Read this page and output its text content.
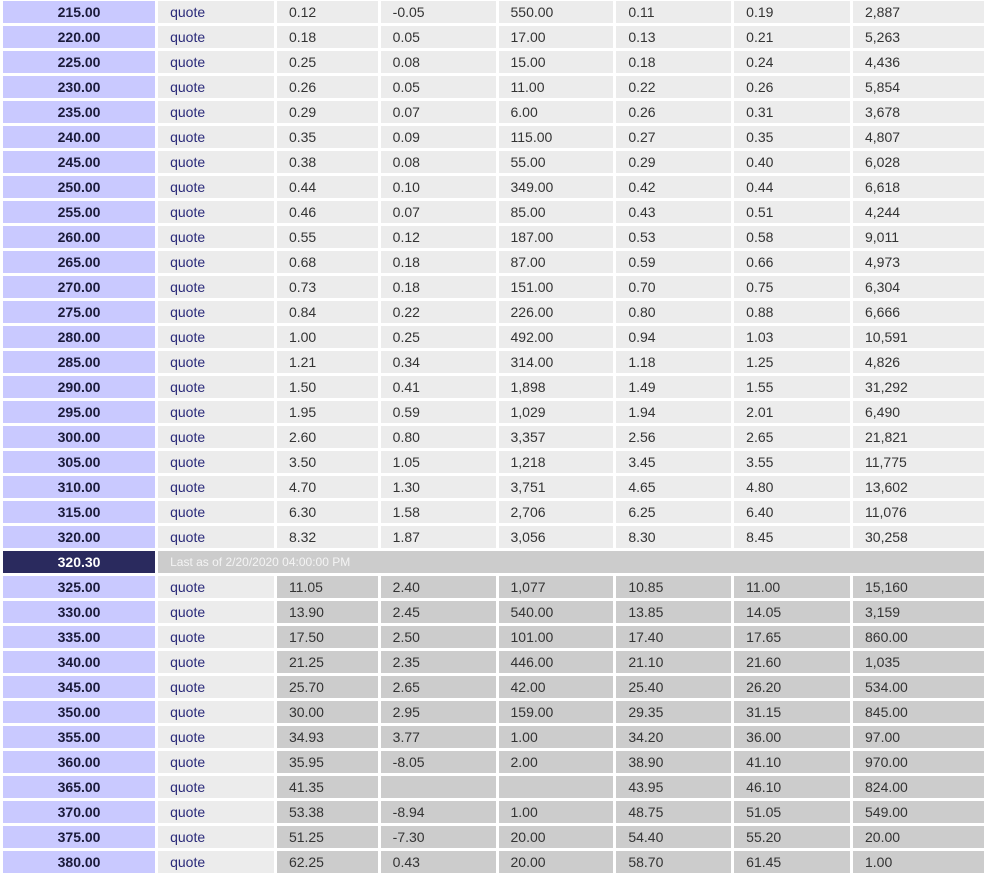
215.00	quote	0.12	-0.05	550.00	0.11	0.19	2,887
220.00	quote	0.18	0.05	17.00	0.13	0.21	5,263
225.00	quote	0.25	0.08	15.00	0.18	0.24	4,436
230.00	quote	0.26	0.05	11.00	0.22	0.26	5,854
235.00	quote	0.29	0.07	6.00	0.26	0.31	3,678
240.00	quote	0.35	0.09	115.00	0.27	0.35	4,807
245.00	quote	0.38	0.08	55.00	0.29	0.40	6,028
250.00	quote	0.44	0.10	349.00	0.42	0.44	6,618
255.00	quote	0.46	0.07	85.00	0.43	0.51	4,244
260.00	quote	0.55	0.12	187.00	0.53	0.58	9,011
265.00	quote	0.68	0.18	87.00	0.59	0.66	4,973
270.00	quote	0.73	0.18	151.00	0.70	0.75	6,304
275.00	quote	0.84	0.22	226.00	0.80	0.88	6,666
280.00	quote	1.00	0.25	492.00	0.94	1.03	10,591
285.00	quote	1.21	0.34	314.00	1.18	1.25	4,826
290.00	quote	1.50	0.41	1,898	1.49	1.55	31,292
295.00	quote	1.95	0.59	1,029	1.94	2.01	6,490
300.00	quote	2.60	0.80	3,357	2.56	2.65	21,821
305.00	quote	3.50	1.05	1,218	3.45	3.55	11,775
310.00	quote	4.70	1.30	3,751	4.65	4.80	13,602
315.00	quote	6.30	1.58	2,706	6.25	6.40	11,076
320.00	quote	8.32	1.87	3,056	8.30	8.45	30,258
320.30	Last as of 2/20/2020 04:00:00 PM						
325.00	quote	11.05	2.40	1,077	10.85	11.00	15,160
330.00	quote	13.90	2.45	540.00	13.85	14.05	3,159
335.00	quote	17.50	2.50	101.00	17.40	17.65	860.00
340.00	quote	21.25	2.35	446.00	21.10	21.60	1,035
345.00	quote	25.70	2.65	42.00	25.40	26.20	534.00
350.00	quote	30.00	2.95	159.00	29.35	31.15	845.00
355.00	quote	34.93	3.77	1.00	34.20	36.00	97.00
360.00	quote	35.95	-8.05	2.00	38.90	41.10	970.00
365.00	quote	41.35			43.95	46.10	824.00
370.00	quote	53.38	-8.94	1.00	48.75	51.05	549.00
375.00	quote	51.25	-7.30	20.00	54.40	55.20	20.00
380.00	quote	62.25	0.43	20.00	58.70	61.45	1.00
